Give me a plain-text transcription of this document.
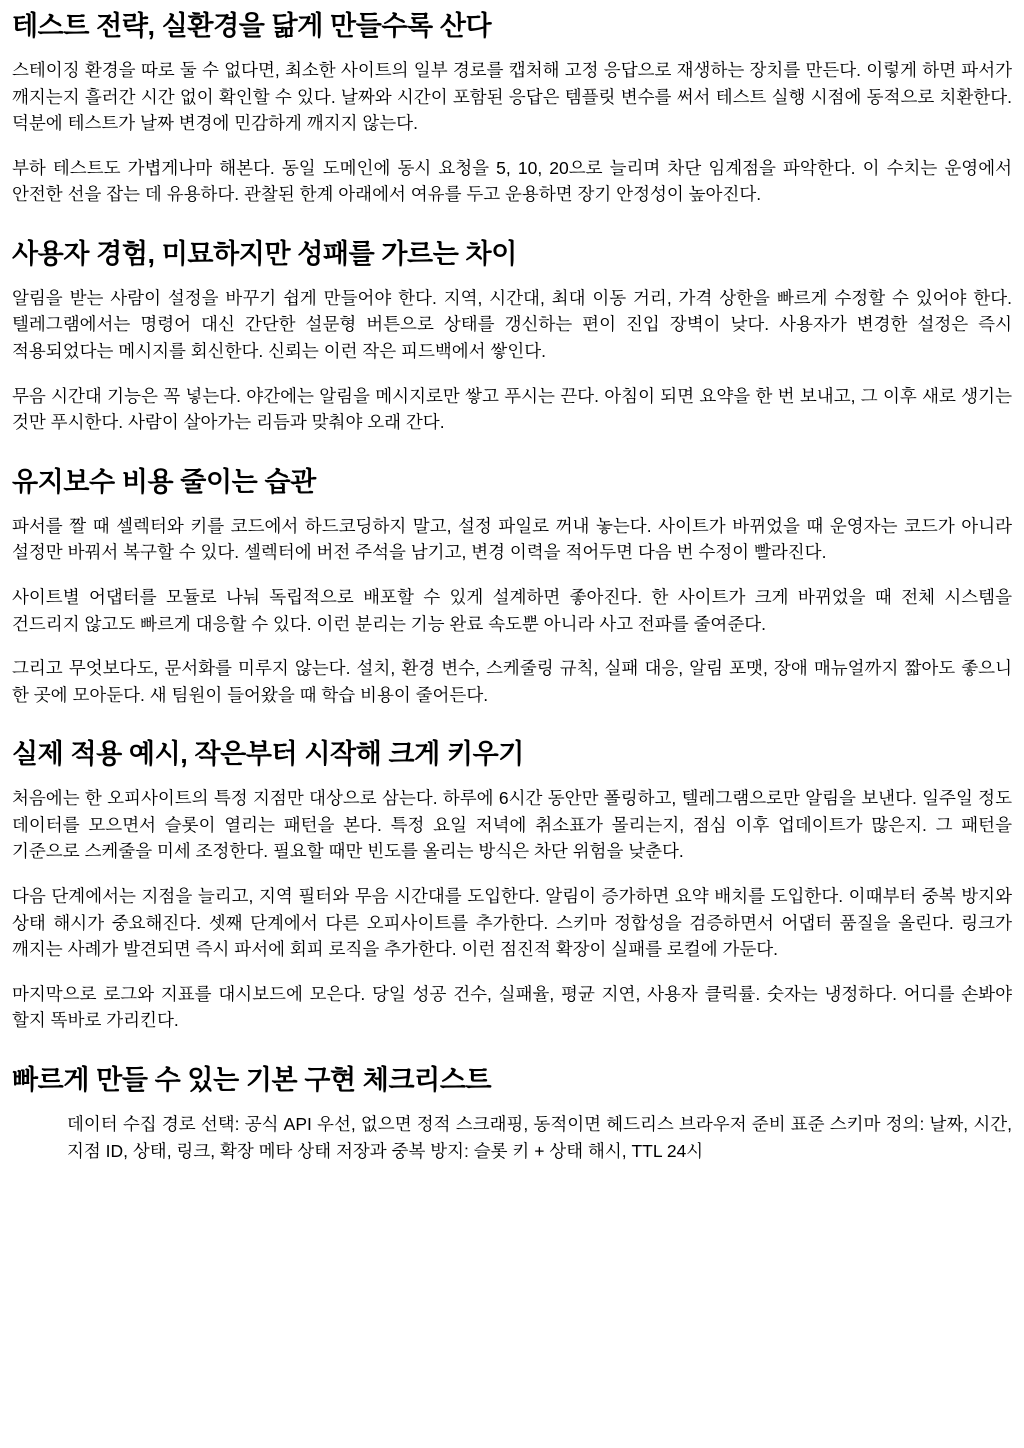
테스트 전략, 실환경을 닮게 만들수록 산다

스테이징 환경을 따로 둘 수 없다면, 최소한 사이트의 일부 경로를 캡처해 고정 응답으로 재생하는 장치를 만든다. 이렇게 하면 파서가 깨지는지 흘러간 시간 없이 확인할 수 있다. 날짜와 시간이 포함된 응답은 템플릿 변수를 써서 테스트 실행 시점에 동적으로 치환한다. 덕분에 테스트가 날짜 변경에 민감하게 깨지지 않는다.

부하 테스트도 가볍게나마 해본다. 동일 도메인에 동시 요청을 5, 10, 20으로 늘리며 차단 임계점을 파악한다. 이 수치는 운영에서 안전한 선을 잡는 데 유용하다. 관찰된 한계 아래에서 여유를 두고 운용하면 장기 안정성이 높아진다.

사용자 경험, 미묘하지만 성패를 가르는 차이

알림을 받는 사람이 설정을 바꾸기 쉽게 만들어야 한다. 지역, 시간대, 최대 이동 거리, 가격 상한을 빠르게 수정할 수 있어야 한다. 텔레그램에서는 명령어 대신 간단한 설문형 버튼으로 상태를 갱신하는 편이 진입 장벽이 낮다. 사용자가 변경한 설정은 즉시 적용되었다는 메시지를 회신한다. 신뢰는 이런 작은 피드백에서 쌓인다.

무음 시간대 기능은 꼭 넣는다. 야간에는 알림을 메시지로만 쌓고 푸시는 끈다. 아침이 되면 요약을 한 번 보내고, 그 이후 새로 생기는 것만 푸시한다. 사람이 살아가는 리듬과 맞춰야 오래 간다.

유지보수 비용 줄이는 습관

파서를 짤 때 셀렉터와 키를 코드에서 하드코딩하지 말고, 설정 파일로 꺼내 놓는다. 사이트가 바뀌었을 때 운영자는 코드가 아니라 설정만 바꿔서 복구할 수 있다. 셀렉터에 버전 주석을 남기고, 변경 이력을 적어두면 다음 번 수정이 빨라진다.

사이트별 어댑터를 모듈로 나눠 독립적으로 배포할 수 있게 설계하면 좋아진다. 한 사이트가 크게 바뀌었을 때 전체 시스템을 건드리지 않고도 빠르게 대응할 수 있다. 이런 분리는 기능 완료 속도뿐 아니라 사고 전파를 줄여준다.

그리고 무엇보다도, 문서화를 미루지 않는다. 설치, 환경 변수, 스케줄링 규칙, 실패 대응, 알림 포맷, 장애 매뉴얼까지 짧아도 좋으니 한 곳에 모아둔다. 새 팀원이 들어왔을 때 학습 비용이 줄어든다.

실제 적용 예시, 작은부터 시작해 크게 키우기

처음에는 한 오피사이트의 특정 지점만 대상으로 삼는다. 하루에 6시간 동안만 폴링하고, 텔레그램으로만 알림을 보낸다. 일주일 정도 데이터를 모으면서 슬롯이 열리는 패턴을 본다. 특정 요일 저녁에 취소표가 몰리는지, 점심 이후 업데이트가 많은지. 그 패턴을 기준으로 스케줄을 미세 조정한다. 필요할 때만 빈도를 올리는 방식은 차단 위험을 낮춘다.

다음 단계에서는 지점을 늘리고, 지역 필터와 무음 시간대를 도입한다. 알림이 증가하면 요약 배치를 도입한다. 이때부터 중복 방지와 상태 해시가 중요해진다. 셋째 단계에서 다른 오피사이트를 추가한다. 스키마 정합성을 검증하면서 어댑터 품질을 올린다. 링크가 깨지는 사례가 발견되면 즉시 파서에 회피 로직을 추가한다. 이런 점진적 확장이 실패를 로컬에 가둔다.

마지막으로 로그와 지표를 대시보드에 모은다. 당일 성공 건수, 실패율, 평균 지연, 사용자 클릭률. 숫자는 냉정하다. 어디를 손봐야 할지 똑바로 가리킨다.

빠르게 만들 수 있는 기본 구현 체크리스트

데이터 수집 경로 선택: 공식 API 우선, 없으면 정적 스크래핑, 동적이면 헤드리스 브라우저 준비 표준 스키마 정의: 날짜, 시간, 지점 ID, 상태, 링크, 확장 메타 상태 저장과 중복 방지: 슬롯 키 + 상태 해시, TTL 24시
